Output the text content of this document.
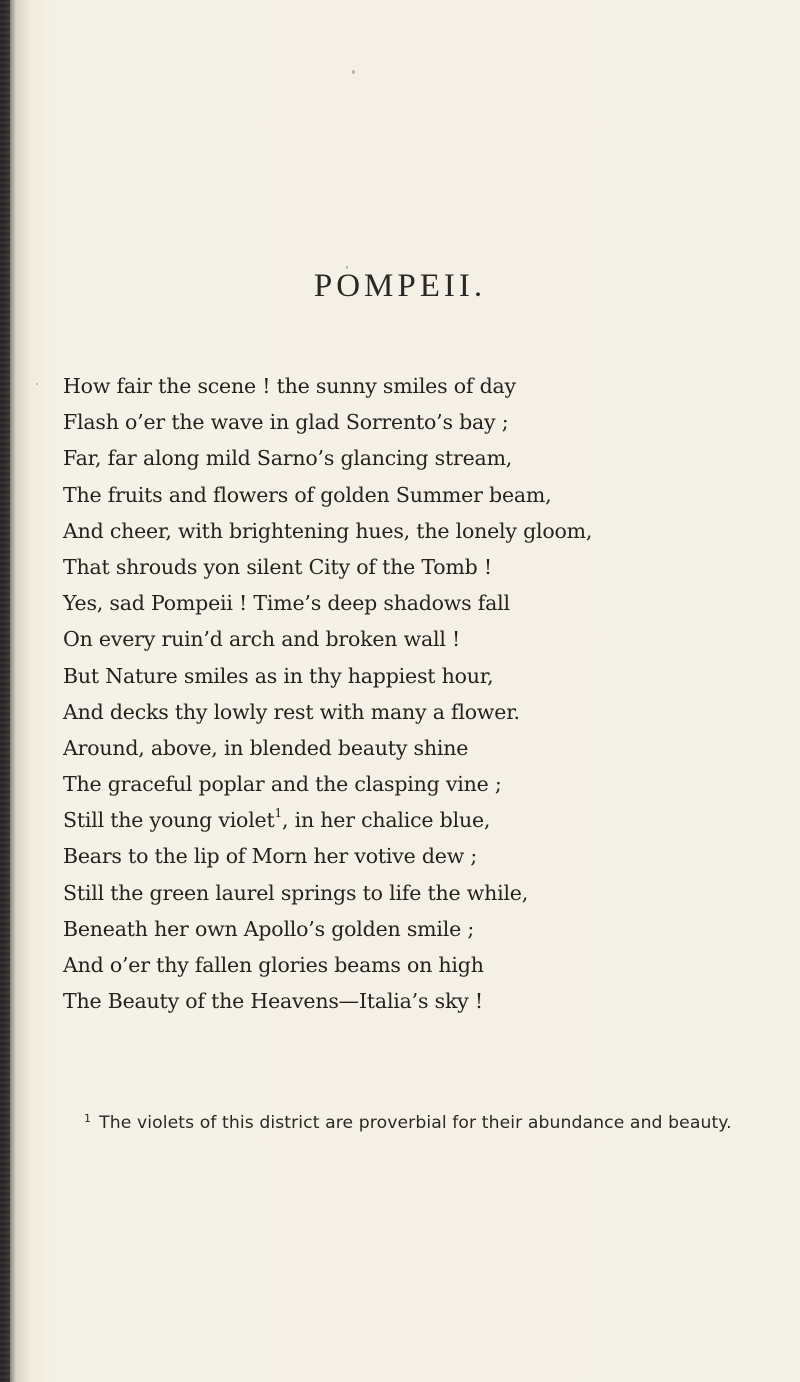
POMPEII.
How fair the scene ! the sunny smiles of day
Flash o’er the wave in glad Sorrento’s bay ;
Far, far along mild Sarno’s glancing stream,
The fruits and flowers of golden Summer beam,
And cheer, with brightening hues, the lonely gloom,
That shrouds yon silent City of the Tomb !
Yes, sad Pompeii ! Time’s deep shadows fall
On every ruin’d arch and broken wall !
But Nature smiles as in thy happiest hour,
And decks thy lowly rest with many a flower.
Around, above, in blended beauty shine
The graceful poplar and the clasping vine ;
Still the young violet$^1$, in her chalice blue,
Bears to the lip of Morn her votive dew ;
Still the green laurel springs to life the while,
Beneath her own Apollo’s golden smile ;
And o’er thy fallen glories beams on high
The Beauty of the Heavens—Italia’s sky !
$^1$ The violets of this district are proverbial for their abundance and beauty.
